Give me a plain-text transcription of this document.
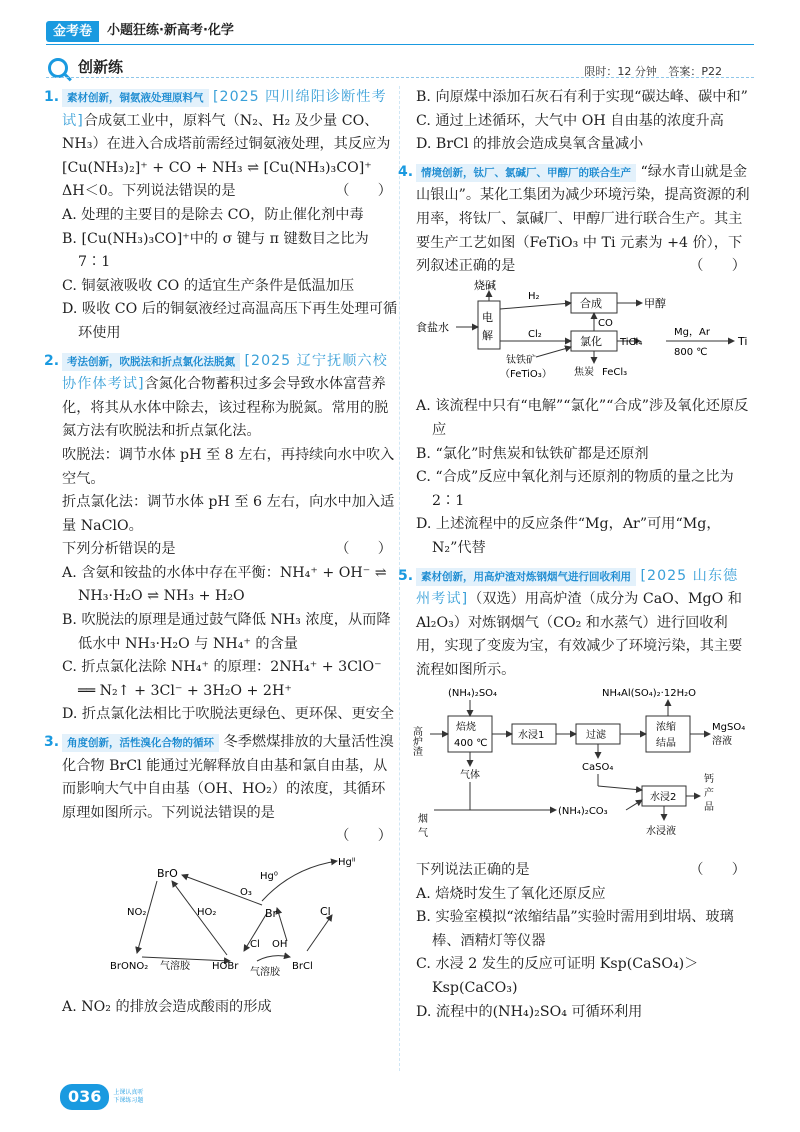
金考卷	小题狂练·新高考·化学
创新练	限时：12 分钟 答案：P22
1. 素材创新，铜氨液处理原料气 [2025 四川绵阳诊断性考试]合成氨工业中，原料气（N₂、H₂ 及少量 CO、NH₃）在进入合成塔前需经过铜氨液处理，其反应为[Cu(NH₃)₂]⁺ + CO + NH₃ ⇌ [Cu(NH₃)₃CO]⁺ ΔH＜0。下列说法错误的是	（　　）
A. 处理的主要目的是除去 CO，防止催化剂中毒
B. [Cu(NH₃)₃CO]⁺中的 σ 键与 π 键数目之比为 7∶1
C. 铜氨液吸收 CO 的适宜生产条件是低温加压
D. 吸收 CO 后的铜氨液经过高温高压下再生处理可循环使用
2. 考法创新，吹脱法和折点氯化法脱氮 [2025 辽宁抚顺六校协作体考试]含氮化合物蓄积过多会导致水体富营养化，将其从水体中除去，该过程称为脱氮。常用的脱氮方法有吹脱法和折点氯化法。
吹脱法：调节水体 pH 至 8 左右，再持续向水中吹入空气。
折点氯化法：调节水体 pH 至 6 左右，向水中加入适量 NaClO。
下列分析错误的是	（　　）
A. 含氨和铵盐的水体中存在平衡：NH₄⁺ + OH⁻ ⇌ NH₃·H₂O ⇌ NH₃ + H₂O
B. 吹脱法的原理是通过鼓气降低 NH₃ 浓度，从而降低水中 NH₃·H₂O 与 NH₄⁺ 的含量
C. 折点氯化法除 NH₄⁺ 的原理：2NH₄⁺ + 3ClO⁻ ══ N₂↑ + 3Cl⁻ + 3H₂O + 2H⁺
D. 折点氯化法相比于吹脱法更绿色、更环保、更安全
3. 角度创新，活性溴化合物的循环 冬季燃煤排放的大量活性溴化合物 BrCl 能通过光解释放自由基和氯自由基，从而影响大气中自由基（OH、HO₂）的浓度，其循环原理如图所示。下列说法错误的是
（　　）
BrO	Hg⁰
Hgᴵᴵ
NO₂	HO₂
O₃
Br	Cl
Cl OH
BrONO₂	HOBr	BrCl
气溶胶
气溶胶
A. NO₂ 的排放会造成酸雨的形成
B. 向原煤中添加石灰石有利于实现“碳达峰、碳中和”
C. 通过上述循环，大气中 OH 自由基的浓度升高
D. BrCl 的排放会造成臭氧含量减小
4. 情境创新，钛厂、氯碱厂、甲醇厂的联合生产 “绿水青山就是金山银山”。某化工集团为减少环境污染，提高资源的利用率，将钛厂、氯碱厂、甲醇厂进行联合生产。其主要生产工艺如图（FeTiO₃ 中 Ti 元素为 +4 价），下列叙述正确的是	（　　）
烧碱
食盐水
电
解
H₂
Cl₂
合成	甲醇
CO
氯化 TiCl₄
Mg，Ar
800 ℃
Ti
钛铁矿
（FeTiO₃） 焦炭 FeCl₃
A. 该流程中只有“电解”“氯化”“合成”涉及氧化还原反应
B. “氯化”时焦炭和钛铁矿都是还原剂
C. “合成”反应中氧化剂与还原剂的物质的量之比为 2∶1
D. 上述流程中的反应条件“Mg，Ar”可用“Mg，N₂”代替
5. 素材创新，用高炉渣对炼钢烟气进行回收利用 [2025 山东德州考试]（双选）用高炉渣（成分为 CaO、MgO 和 Al₂O₃）对炼钢烟气（CO₂ 和水蒸气）进行回收利用，实现了变废为宝，有效减少了环境污染，其主要流程如图所示。
(NH₄)₂SO₄	NH₄Al(SO₄)₂·12H₂O
高炉渣	焙烧
400 ℃
水浸1	过滤
浓缩
结晶
MgSO₄
溶液
气体
CaSO₄
水浸2
钙
产
品
(NH₄)₂CO₃
烟
气	水浸液
下列说法正确的是	（　　）
A. 焙烧时发生了氧化还原反应
B. 实验室模拟“浓缩结晶”实验时需用到坩埚、玻璃棒、酒精灯等仪器
C. 水浸 2 发生的反应可证明 Ksp(CaSO₄)＞Ksp(CaCO₃)
D. 流程中的(NH₄)₂SO₄ 可循环利用
036	上课认真听
下课练习题
